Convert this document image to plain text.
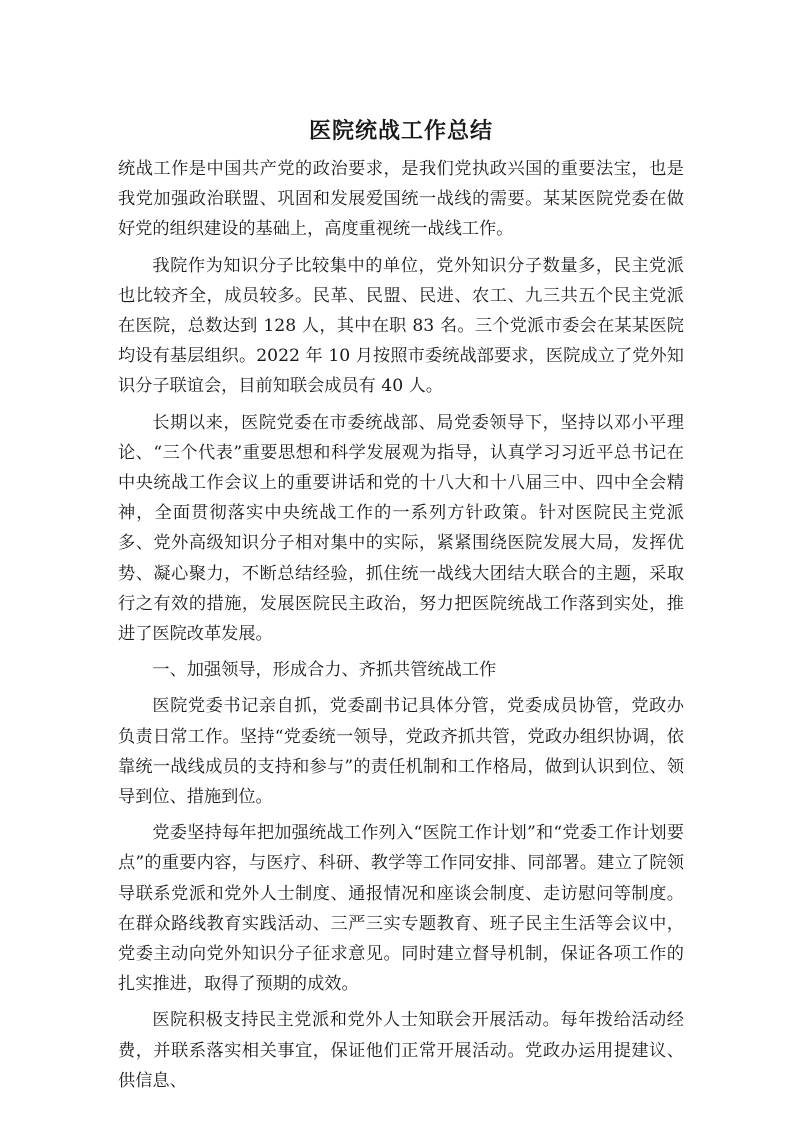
医院统战工作总结

统战工作是中国共产党的政治要求，是我们党执政兴国的重要法宝，也是我党加强政治联盟、巩固和发展爱国统一战线的需要。某某医院党委在做好党的组织建设的基础上，高度重视统一战线工作。

我院作为知识分子比较集中的单位，党外知识分子数量多，民主党派也比较齐全，成员较多。民革、民盟、民进、农工、九三共五个民主党派在医院，总数达到 128 人，其中在职 83 名。三个党派市委会在某某医院均设有基层组织。2022 年 10 月按照市委统战部要求，医院成立了党外知识分子联谊会，目前知联会成员有 40 人。

长期以来，医院党委在市委统战部、局党委领导下，坚持以邓小平理论、“三个代表”重要思想和科学发展观为指导，认真学习习近平总书记在中央统战工作会议上的重要讲话和党的十八大和十八届三中、四中全会精神，全面贯彻落实中央统战工作的一系列方针政策。针对医院民主党派多、党外高级知识分子相对集中的实际，紧紧围绕医院发展大局，发挥优势、凝心聚力，不断总结经验，抓住统一战线大团结大联合的主题，采取行之有效的措施，发展医院民主政治，努力把医院统战工作落到实处，推进了医院改革发展。

一、加强领导，形成合力、齐抓共管统战工作

医院党委书记亲自抓，党委副书记具体分管，党委成员协管，党政办负责日常工作。坚持“党委统一领导，党政齐抓共管，党政办组织协调，依靠统一战线成员的支持和参与”的责任机制和工作格局，做到认识到位、领导到位、措施到位。

党委坚持每年把加强统战工作列入“医院工作计划”和“党委工作计划要点”的重要内容，与医疗、科研、教学等工作同安排、同部署。建立了院领导联系党派和党外人士制度、通报情况和座谈会制度、走访慰问等制度。在群众路线教育实践活动、三严三实专题教育、班子民主生活等会议中，党委主动向党外知识分子征求意见。同时建立督导机制，保证各项工作的扎实推进，取得了预期的成效。

医院积极支持民主党派和党外人士知联会开展活动。每年拨给活动经费，并联系落实相关事宜，保证他们正常开展活动。党政办运用提建议、供信息、
